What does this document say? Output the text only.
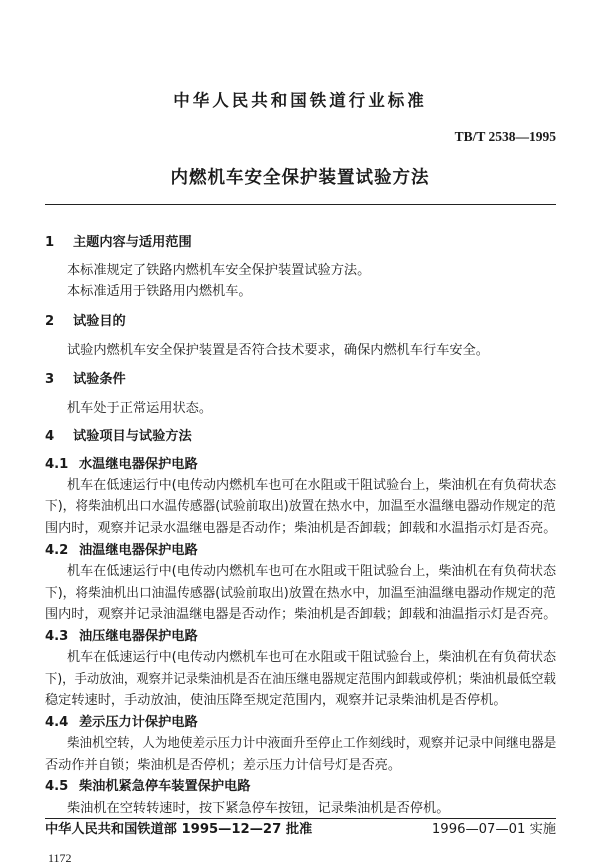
中华人民共和国铁道行业标准
TB/T 2538—1995
内燃机车安全保护装置试验方法
1 主题内容与适用范围
本标准规定了铁路内燃机车安全保护装置试验方法。
本标准适用于铁路用内燃机车。
2 试验目的
试验内燃机车安全保护装置是否符合技术要求，确保内燃机车行车安全。
3 试验条件
机车处于正常运用状态。
4 试验项目与试验方法
4.1 水温继电器保护电路
机车在低速运行中(电传动内燃机车也可在水阻或干阻试验台上，柴油机在有负荷状态
下)，将柴油机出口水温传感器(试验前取出)放置在热水中，加温至水温继电器动作规定的范
围内时，观察并记录水温继电器是否动作；柴油机是否卸载；卸载和水温指示灯是否亮。
4.2 油温继电器保护电路
机车在低速运行中(电传动内燃机车也可在水阻或干阻试验台上，柴油机在有负荷状态
下)，将柴油机出口油温传感器(试验前取出)放置在热水中，加温至油温继电器动作规定的范
围内时，观察并记录油温继电器是否动作；柴油机是否卸载；卸载和油温指示灯是否亮。
4.3 油压继电器保护电路
机车在低速运行中(电传动内燃机车也可在水阻或干阻试验台上，柴油机在有负荷状态
下)，手动放油，观察并记录柴油机是否在油压继电器规定范围内卸载或停机；柴油机最低空载
稳定转速时，手动放油，使油压降至规定范围内，观察并记录柴油机是否停机。
4.4 差示压力计保护电路
柴油机空转，人为地使差示压力计中液面升至停止工作刻线时，观察并记录中间继电器是
否动作并自锁；柴油机是否停机；差示压力计信号灯是否亮。
4.5 柴油机紧急停车装置保护电路
柴油机在空转转速时，按下紧急停车按钮，记录柴油机是否停机。
中华人民共和国铁道部 1995—12—27 批准	1996—07—01 实施
1172
